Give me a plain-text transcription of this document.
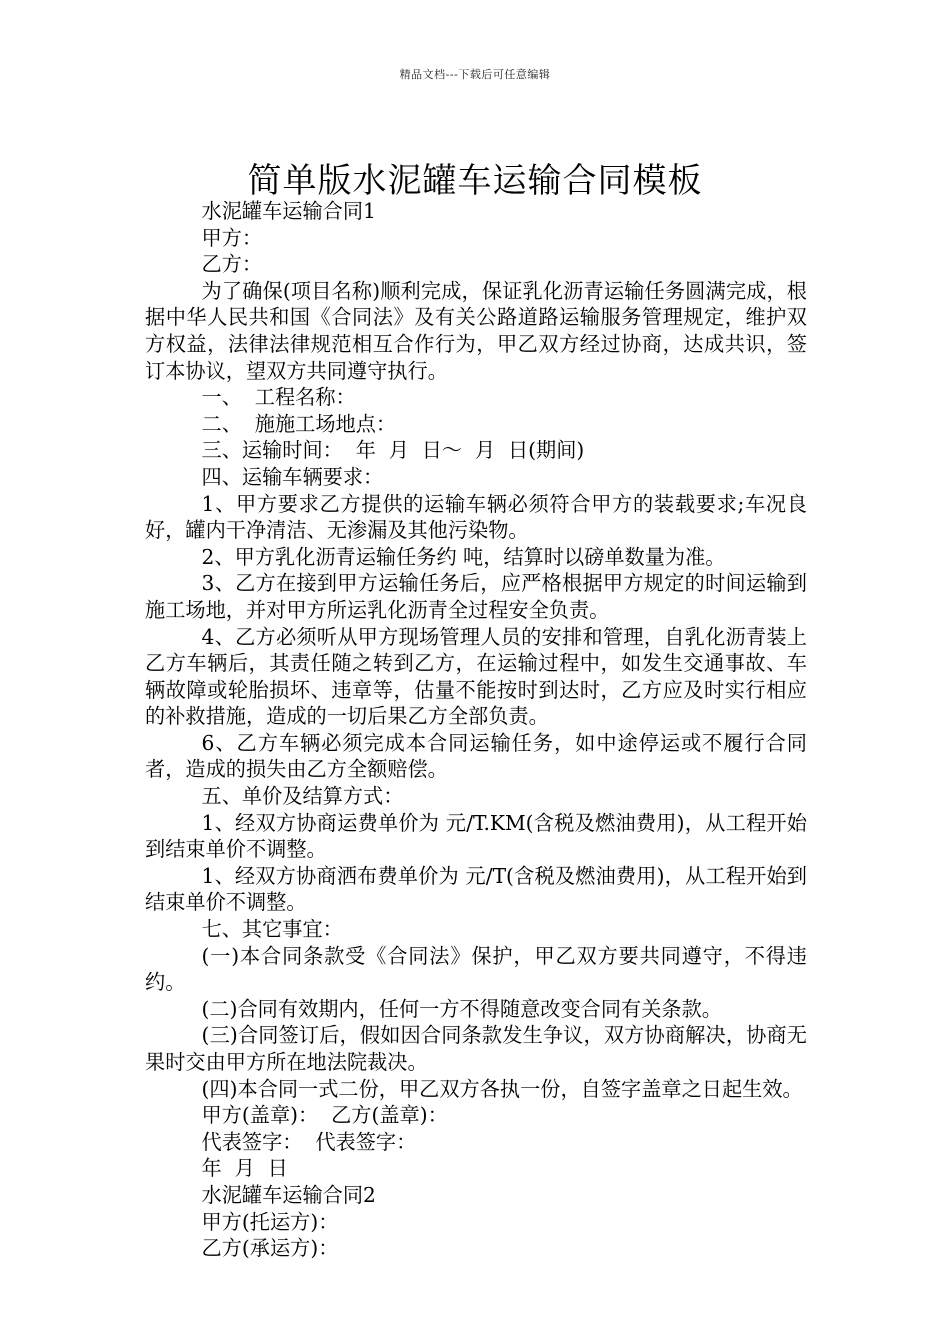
精品文档---下载后可任意编辑
简单版水泥罐车运输合同模板

水泥罐车运输合同1

甲方：

乙方：

为了确保(项目名称)顺利完成，保证乳化沥青运输任务圆满完成，根据中华人民共和国《合同法》及有关公路道路运输服务管理规定，维护双方权益，法律法律规范相互合作行为，甲乙双方经过协商，达成共识，签订本协议，望双方共同遵守执行。

一、  工程名称：

二、  施施工场地点：

三、运输时间：  年  月  日～  月  日(期间)

四、运输车辆要求：

1、甲方要求乙方提供的运输车辆必须符合甲方的装载要求;车况良好，罐内干净清洁、无渗漏及其他污染物。

2、甲方乳化沥青运输任务约 吨，结算时以磅单数量为准。

3、乙方在接到甲方运输任务后，应严格根据甲方规定的时间运输到施工场地，并对甲方所运乳化沥青全过程安全负责。

4、乙方必须听从甲方现场管理人员的安排和管理，自乳化沥青装上乙方车辆后，其责任随之转到乙方，在运输过程中，如发生交通事故、车辆故障或轮胎损坏、违章等，估量不能按时到达时，乙方应及时实行相应的补救措施，造成的一切后果乙方全部负责。

6、乙方车辆必须完成本合同运输任务，如中途停运或不履行合同者，造成的损失由乙方全额赔偿。

五、单价及结算方式：

1、经双方协商运费单价为 元/T.KM(含税及燃油费用)，从工程开始到结束单价不调整。

1、经双方协商洒布费单价为 元/T(含税及燃油费用)，从工程开始到结束单价不调整。

七、其它事宜：

(一)本合同条款受《合同法》保护，甲乙双方要共同遵守，不得违约。

(二)合同有效期内，任何一方不得随意改变合同有关条款。

(三)合同签订后，假如因合同条款发生争议，双方协商解决，协商无果时交由甲方所在地法院裁决。

(四)本合同一式二份，甲乙双方各执一份，自签字盖章之日起生效。

甲方(盖章)：  乙方(盖章)：

代表签字：  代表签字：

年  月  日

水泥罐车运输合同2

甲方(托运方)：

乙方(承运方)：
